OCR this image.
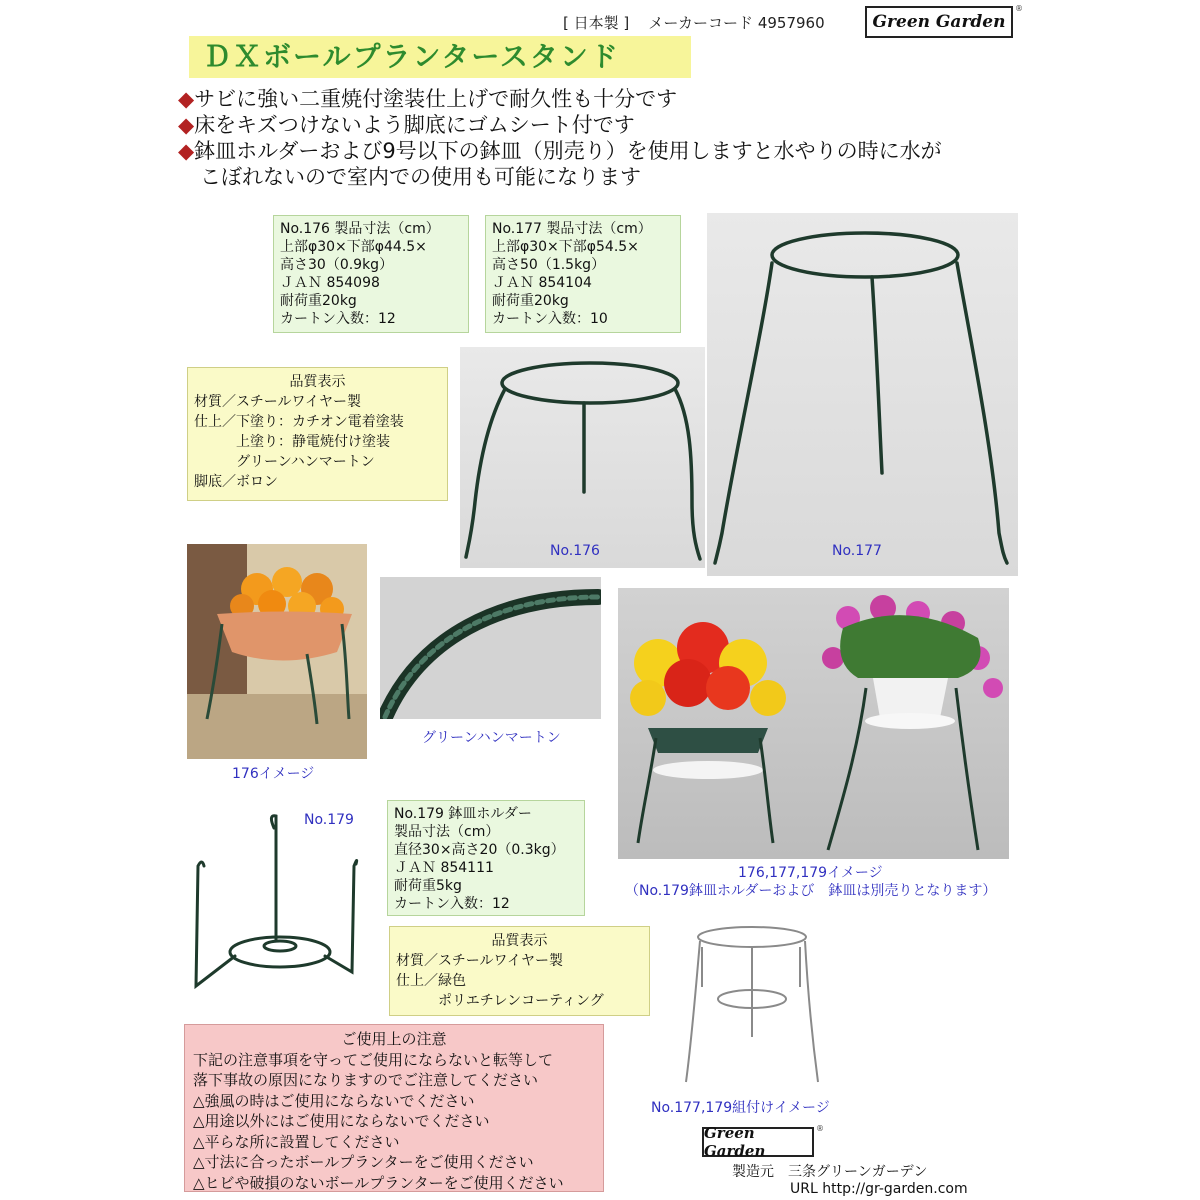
[ 日本製 ] メーカーコード 4957960	Green Garden
®
ＤＸボールプランタースタンド
◆サビに強い二重焼付塗装仕上げで耐久性も十分です
◆床をキズつけないよう脚底にゴムシート付です
◆鉢皿ホルダーおよび9号以下の鉢皿（別売り）を使用しますと水やりの時に水が
こぼれないので室内での使用も可能になります
No.176 製品寸法（cm）
上部φ30×下部φ44.5×
高さ30（0.9kg）
ＪＡＮ 854098
耐荷重20kg
カートン入数：12
No.177 製品寸法（cm）
上部φ30×下部φ54.5×
高さ50（1.5kg）
ＪＡＮ 854104
耐荷重20kg
カートン入数：10
品質表示
材質／スチールワイヤー製
仕上／下塗り：カチオン電着塗装
　　　上塗り：静電焼付け塗装
　　　グリーンハンマートン
脚底／ボロン
No.176	No.177
176イメージ
グリーンハンマートン
176,177,179イメージ
（No.179鉢皿ホルダーおよび　鉢皿は別売りとなります）
No.179	No.179 鉢皿ホルダー
製品寸法（cm）
直径30×高さ20（0.3kg）
ＪＡＮ 854111
耐荷重5kg
カートン入数：12
品質表示
材質／スチールワイヤー製
仕上／緑色
　　　ポリエチレンコーティング
ご使用上の注意
下記の注意事項を守ってご使用にならないと転等して
落下事故の原因になりますのでご注意してください
△強風の時はご使用にならないでください
△用途以外にはご使用にならないでください
△平らな所に設置してください
△寸法に合ったボールプランターをご使用ください
△ヒビや破損のないボールプランターをご使用ください
No.177,179組付けイメージ
Green Garden
®
製造元　三条グリーンガーデン
URL http://gr-garden.com
